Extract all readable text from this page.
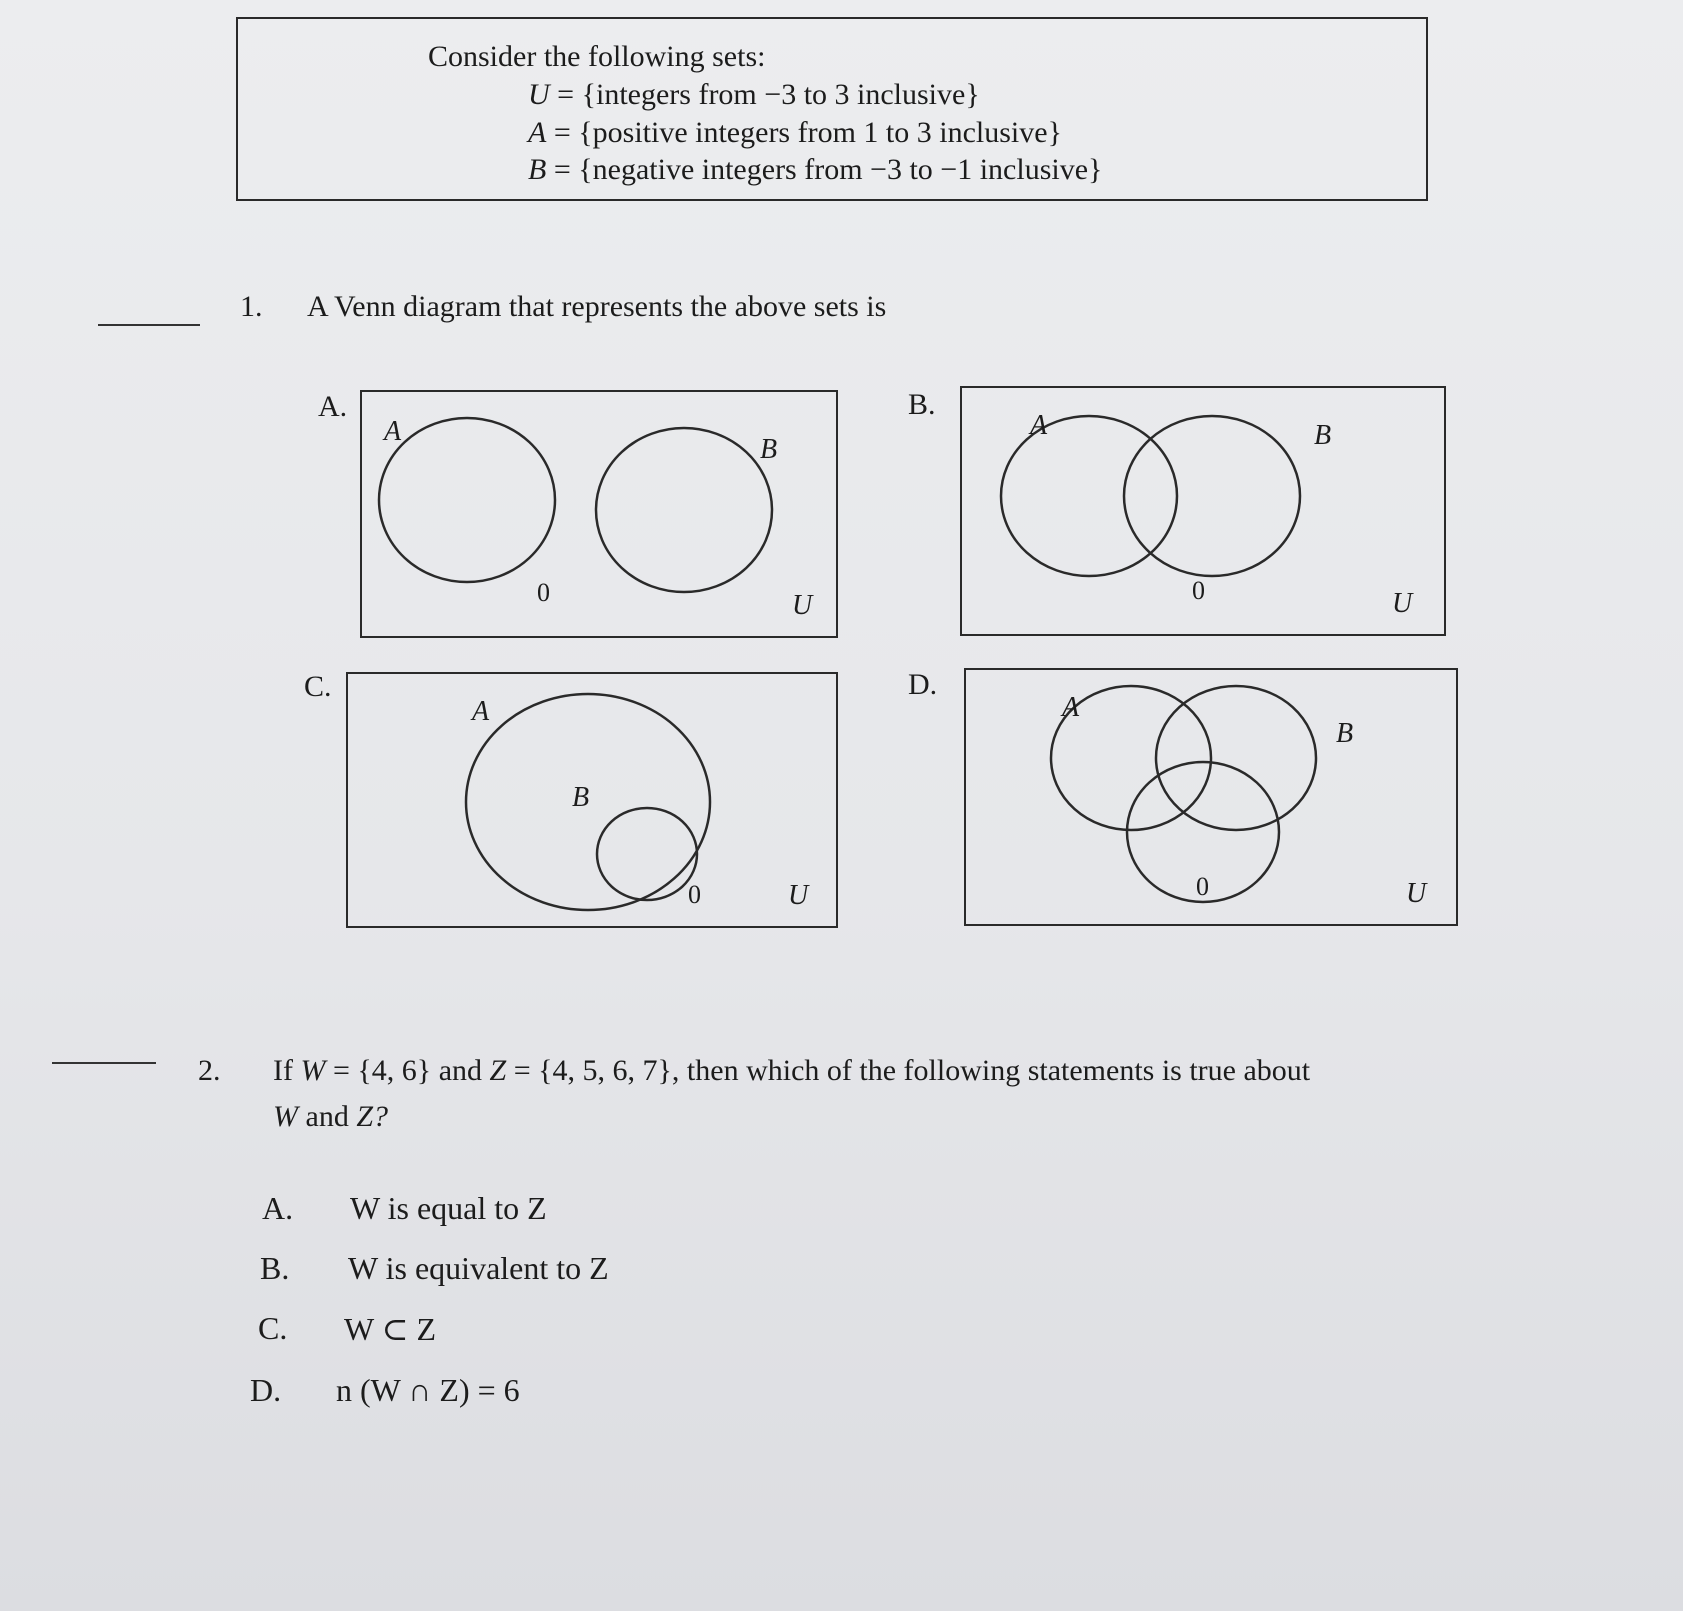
Consider the following sets:
U = {integers from −3 to 3 inclusive}
A = {positive integers from 1 to 3 inclusive}
B = {negative integers from −3 to −1 inclusive}
1. A Venn diagram that represents the above sets is
A.
A
B
0	U
B.
A	B
0	U
C.
A
B
0	U
D.
A
B
0	U
2. If W = {4, 6} and Z = {4, 5, 6, 7}, then which of the following statements is true about
W and Z?
A. W is equal to Z
B. W is equivalent to Z
C. W ⊂ Z
D. n (W ∩ Z) = 6
